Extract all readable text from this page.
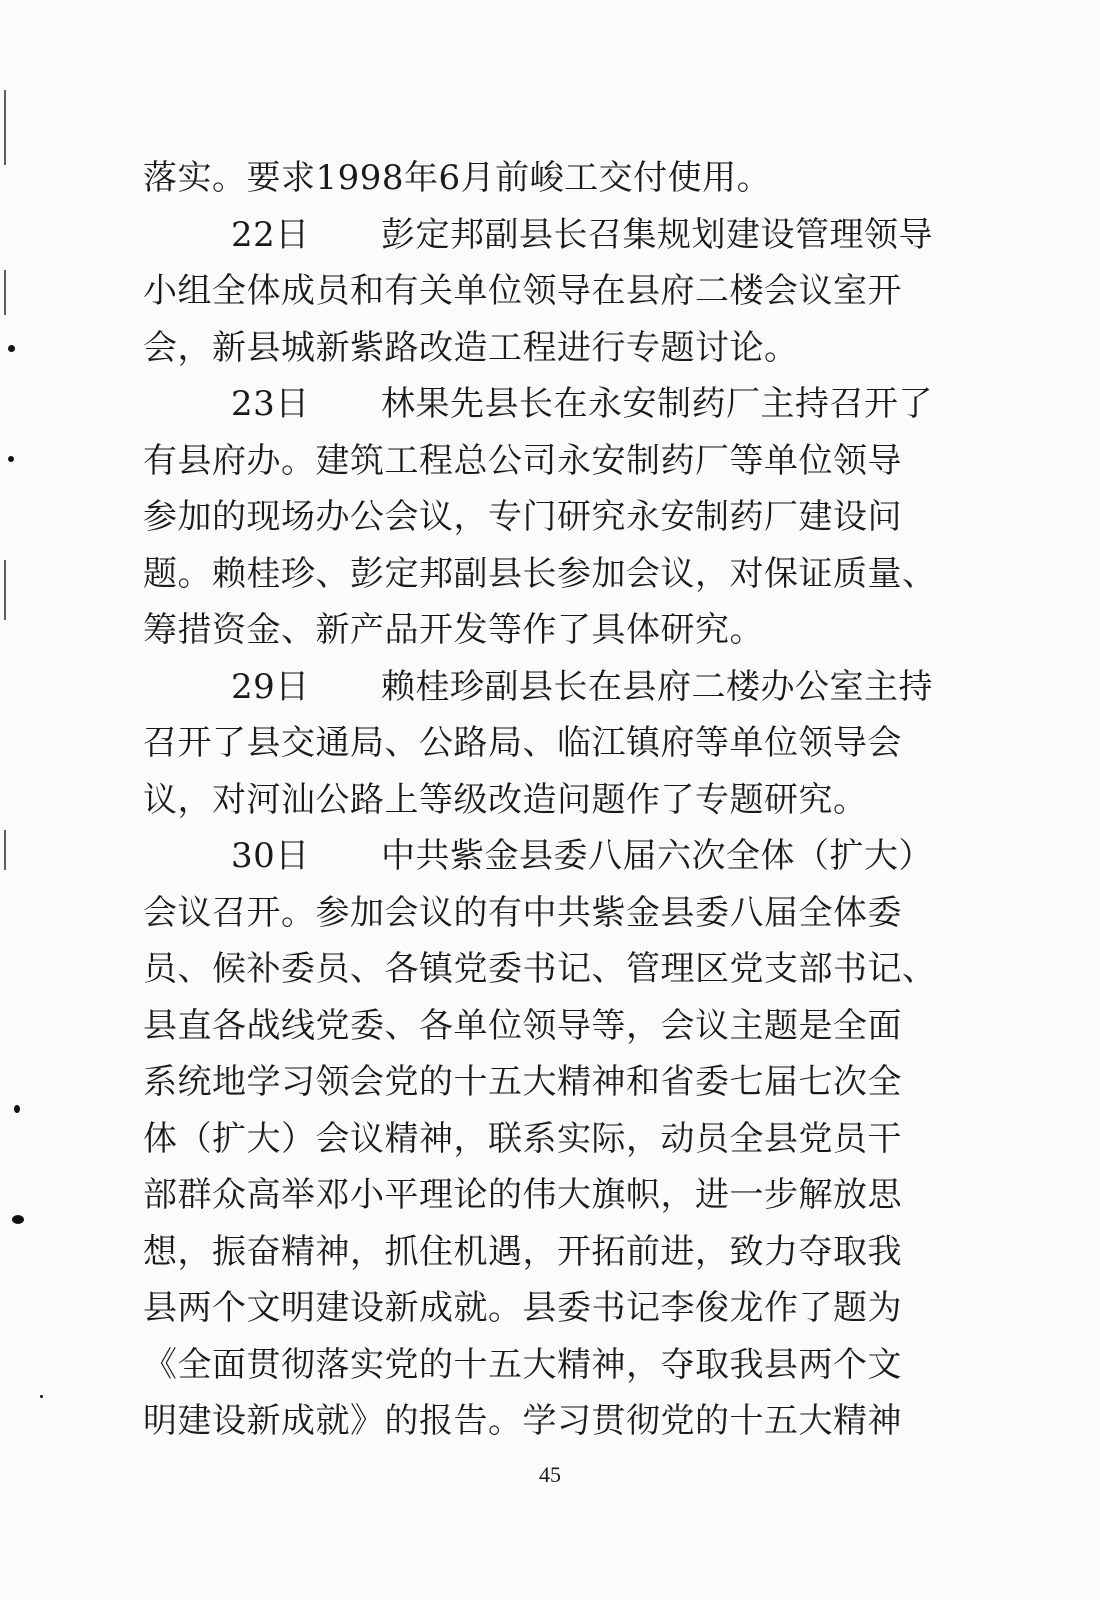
落实。要求1998年6月前峻工交付使用。
22日 彭定邦副县长召集规划建设管理领导
小组全体成员和有关单位领导在县府二楼会议室开
会，新县城新紫路改造工程进行专题讨论。
23日 林果先县长在永安制药厂主持召开了
有县府办。建筑工程总公司永安制药厂等单位领导
参加的现场办公会议，专门研究永安制药厂建设问
题。赖桂珍、彭定邦副县长参加会议，对保证质量、
筹措资金、新产品开发等作了具体研究。
29日 赖桂珍副县长在县府二楼办公室主持
召开了县交通局、公路局、临江镇府等单位领导会
议，对河汕公路上等级改造问题作了专题研究。
30日 中共紫金县委八届六次全体（扩大）
会议召开。参加会议的有中共紫金县委八届全体委
员、候补委员、各镇党委书记、管理区党支部书记、
县直各战线党委、各单位领导等，会议主题是全面
系统地学习领会党的十五大精神和省委七届七次全
体（扩大）会议精神，联系实际，动员全县党员干
部群众高举邓小平理论的伟大旗帜，进一步解放思
想，振奋精神，抓住机遇，开拓前进，致力夺取我
县两个文明建设新成就。县委书记李俊龙作了题为
《全面贯彻落实党的十五大精神，夺取我县两个文
明建设新成就》的报告。学习贯彻党的十五大精神
45
